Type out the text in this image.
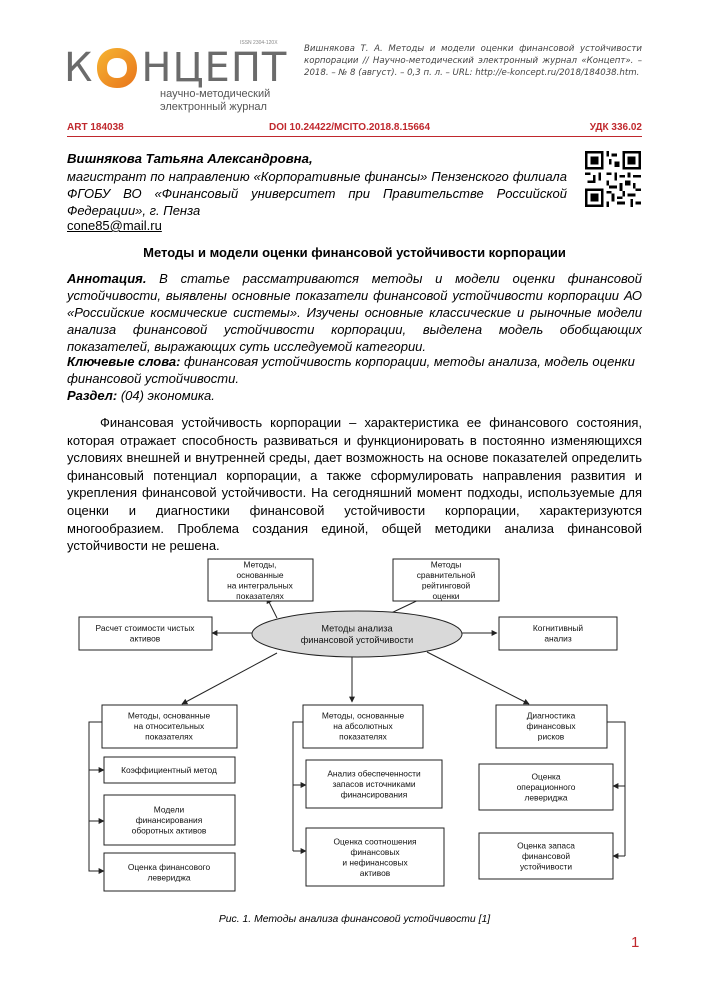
ISSN 2304-120X
К НЦЕПТ
научно-методический
электронный журнал
Вишнякова Т. А. Методы и модели оценки финансовой устойчивости корпорации // Научно-методический электронный журнал «Концепт». – 2018. – № 8 (август). – 0,3 п. л. – URL: http://e-koncept.ru/2018/184038.htm.
ART 184038	DOI 10.24422/MCITO.2018.8.15664	УДК 336.02
Вишнякова Татьяна Александровна,
магистрант по направлению «Корпоративные финансы» Пензенского филиала ФГОБУ ВО «Финансовый университет при Правительстве Российской Федерации», г. Пенза
cone85@mail.ru
Методы и модели оценки финансовой устойчивости корпорации
Аннотация. В статье рассматриваются методы и модели оценки финансовой устойчивости, выявлены основные показатели финансовой устойчивости корпорации АО «Российские космические системы». Изучены основные классические и рыночные модели анализа финансовой устойчивости корпорации, выделена модель обобщающих показателей, выражающих суть исследуемой категории.
Ключевые слова: финансовая устойчивость корпорации, методы анализа, модель оценки финансовой устойчивости.
Раздел: (04) экономика.
Финансовая устойчивость корпорации – характеристика ее финансового состояния, которая отражает способность развиваться и функционировать в постоянно изменяющихся условиях внешней и внутренней среды, дает возможность на основе показателей определить финансовый потенциал корпорации, а также сформулировать направления развития и укрепления финансовой устойчивости. На сегодняшний момент подходы, используемые для оценки и диагностики финансовой устойчивости корпорации, характеризуются многообразием. Проблема создания единой, общей методики анализа финансовой устойчивости не решена.
Методы анализа финансовой устойчивости
Методы, основанные на интегральных показателях
Методы сравнительной рейтинговой оценки
Расчет стоимости чистых активов
Когнитивный анализ
Методы, основанные на относительных показателях
Коэффициентный метод
Модели финансирования оборотных активов
Оценка финансового левериджа
Методы, основанные на абсолютных показателях
Анализ обеспеченности запасов источниками финансирования
Оценка соотношения финансовых и нефинансовых активов
Диагностика финансовых рисков
Оценка операционного левериджа
Оценка запаса финансовой устойчивости
Рис. 1. Методы анализа финансовой устойчивости [1]
1
